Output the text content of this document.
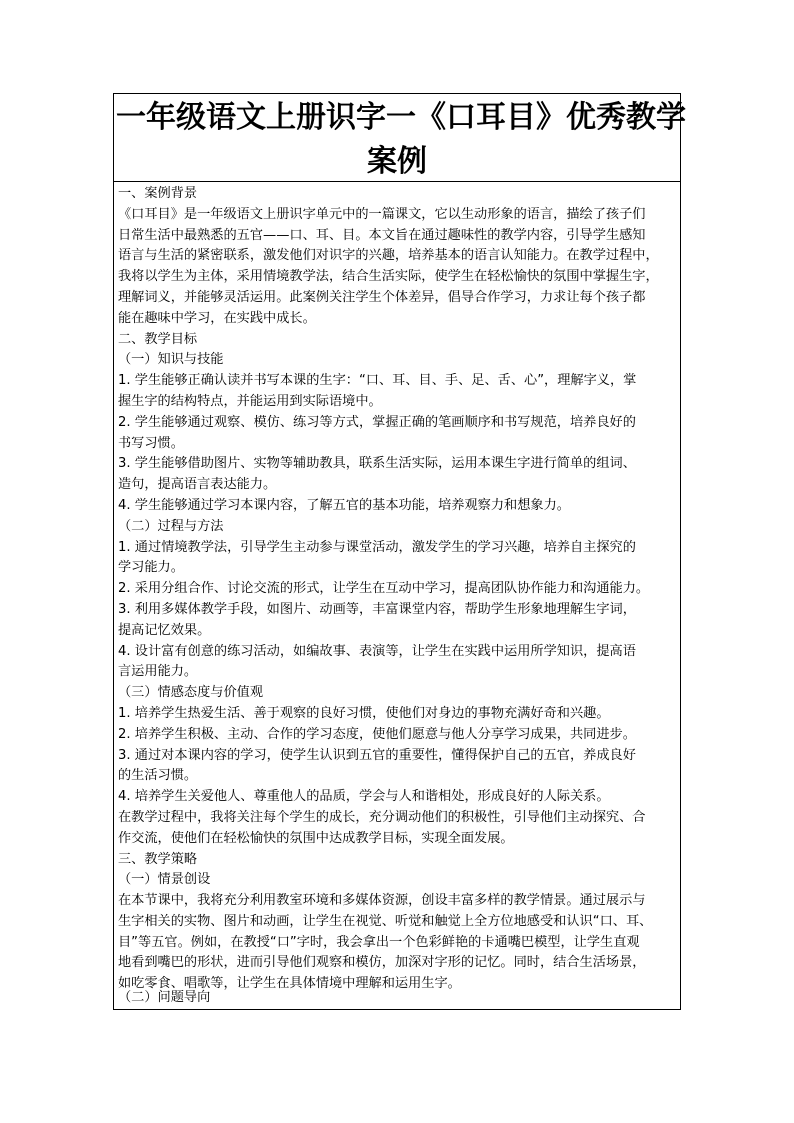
一年级语文上册识字一《口耳目》优秀教学
案例
一、案例背景
《口耳目》是一年级语文上册识字单元中的一篇课文，它以生动形象的语言，描绘了孩子们
日常生活中最熟悉的五官——口、耳、目。本文旨在通过趣味性的教学内容，引导学生感知
语言与生活的紧密联系，激发他们对识字的兴趣，培养基本的语言认知能力。在教学过程中，
我将以学生为主体，采用情境教学法，结合生活实际，使学生在轻松愉快的氛围中掌握生字，
理解词义，并能够灵活运用。此案例关注学生个体差异，倡导合作学习，力求让每个孩子都
能在趣味中学习，在实践中成长。
二、教学目标
（一）知识与技能
1. 学生能够正确认读并书写本课的生字：“口、耳、目、手、足、舌、心”，理解字义，掌
握生字的结构特点，并能运用到实际语境中。
2. 学生能够通过观察、模仿、练习等方式，掌握正确的笔画顺序和书写规范，培养良好的
书写习惯。
3. 学生能够借助图片、实物等辅助教具，联系生活实际，运用本课生字进行简单的组词、
造句，提高语言表达能力。
4. 学生能够通过学习本课内容，了解五官的基本功能，培养观察力和想象力。
（二）过程与方法
1. 通过情境教学法，引导学生主动参与课堂活动，激发学生的学习兴趣，培养自主探究的
学习能力。
2. 采用分组合作、讨论交流的形式，让学生在互动中学习，提高团队协作能力和沟通能力。
3. 利用多媒体教学手段，如图片、动画等，丰富课堂内容，帮助学生形象地理解生字词，
提高记忆效果。
4. 设计富有创意的练习活动，如编故事、表演等，让学生在实践中运用所学知识，提高语
言运用能力。
（三）情感态度与价值观
1. 培养学生热爱生活、善于观察的良好习惯，使他们对身边的事物充满好奇和兴趣。
2. 培养学生积极、主动、合作的学习态度，使他们愿意与他人分享学习成果，共同进步。
3. 通过对本课内容的学习，使学生认识到五官的重要性，懂得保护自己的五官，养成良好
的生活习惯。
4. 培养学生关爱他人、尊重他人的品质，学会与人和谐相处，形成良好的人际关系。
在教学过程中，我将关注每个学生的成长，充分调动他们的积极性，引导他们主动探究、合
作交流，使他们在轻松愉快的氛围中达成教学目标，实现全面发展。
三、教学策略
（一）情景创设
在本节课中，我将充分利用教室环境和多媒体资源，创设丰富多样的教学情景。通过展示与
生字相关的实物、图片和动画，让学生在视觉、听觉和触觉上全方位地感受和认识“口、耳、
目”等五官。例如，在教授“口”字时，我会拿出一个色彩鲜艳的卡通嘴巴模型，让学生直观
地看到嘴巴的形状，进而引导他们观察和模仿，加深对字形的记忆。同时，结合生活场景，
如吃零食、唱歌等，让学生在具体情境中理解和运用生字。
（二）问题导向
